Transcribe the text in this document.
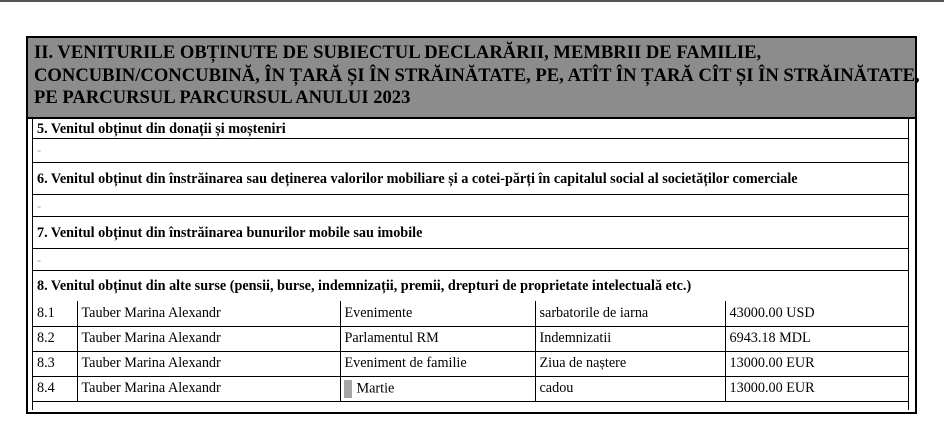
II. VENITURILE OBȚINUTE DE SUBIECTUL DECLARĂRII, MEMBRII DE FAMILIE,
CONCUBIN/CONCUBINĂ, ÎN ȚARĂ ȘI ÎN STRĂINĂTATE, PE, ATÎT ÎN ȚARĂ CÎT ȘI ÎN STRĂINĂTATE,
PE PARCURSUL PARCURSUL ANULUI 2023
5. Venitul obținut din donații și moșteniri
-
6. Venitul obținut din înstrăinarea sau deținerea valorilor mobiliare și a cotei-părți în capitalul social al societăților comerciale
-
7. Venitul obținut din înstrăinarea bunurilor mobile sau imobile
-
8. Venitul obținut din alte surse (pensii, burse, indemnizații, premii, drepturi de proprietate intelectuală etc.)
8.1	Tauber Marina Alexandr	Evenimente	sarbatorile de iarna	43000.00 USD
8.2	Tauber Marina Alexandr	Parlamentul RM	Indemnizatii	6943.18 MDL
8.3	Tauber Marina Alexandr	Eveniment de familie	Ziua de naștere	13000.00 EUR
8.4	Tauber Marina Alexandr	Martie	cadou	13000.00 EUR
